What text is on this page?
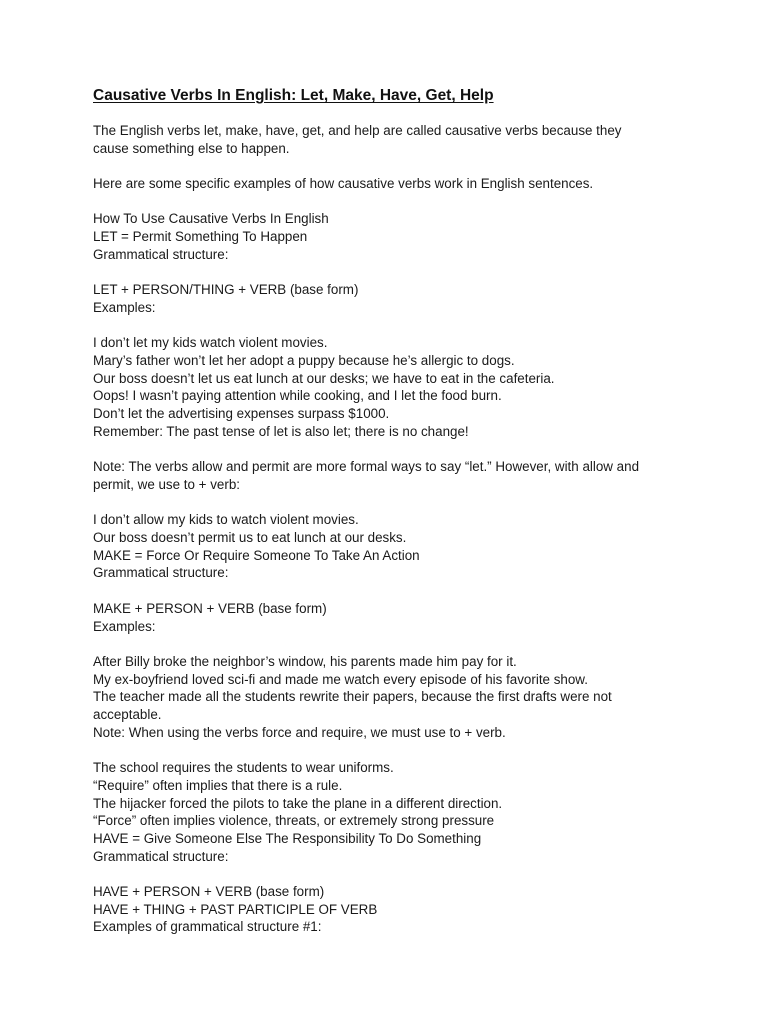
Causative Verbs In English: Let, Make, Have, Get, Help
The English verbs let, make, have, get, and help are called causative verbs because they
cause something else to happen.
Here are some specific examples of how causative verbs work in English sentences.
How To Use Causative Verbs In English
LET = Permit Something To Happen
Grammatical structure:
LET + PERSON/THING + VERB (base form)
Examples:
I don’t let my kids watch violent movies.
Mary’s father won’t let her adopt a puppy because he’s allergic to dogs.
Our boss doesn’t let us eat lunch at our desks; we have to eat in the cafeteria.
Oops! I wasn’t paying attention while cooking, and I let the food burn.
Don’t let the advertising expenses surpass $1000.
Remember: The past tense of let is also let; there is no change!
Note: The verbs allow and permit are more formal ways to say “let.” However, with allow and
permit, we use to + verb:
I don’t allow my kids to watch violent movies.
Our boss doesn’t permit us to eat lunch at our desks.
MAKE = Force Or Require Someone To Take An Action
Grammatical structure:
MAKE + PERSON + VERB (base form)
Examples:
After Billy broke the neighbor’s window, his parents made him pay for it.
My ex-boyfriend loved sci-fi and made me watch every episode of his favorite show.
The teacher made all the students rewrite their papers, because the first drafts were not
acceptable.
Note: When using the verbs force and require, we must use to + verb.
The school requires the students to wear uniforms.
“Require” often implies that there is a rule.
The hijacker forced the pilots to take the plane in a different direction.
“Force” often implies violence, threats, or extremely strong pressure
HAVE = Give Someone Else The Responsibility To Do Something
Grammatical structure:
HAVE + PERSON + VERB (base form)
HAVE + THING + PAST PARTICIPLE OF VERB
Examples of grammatical structure #1:
